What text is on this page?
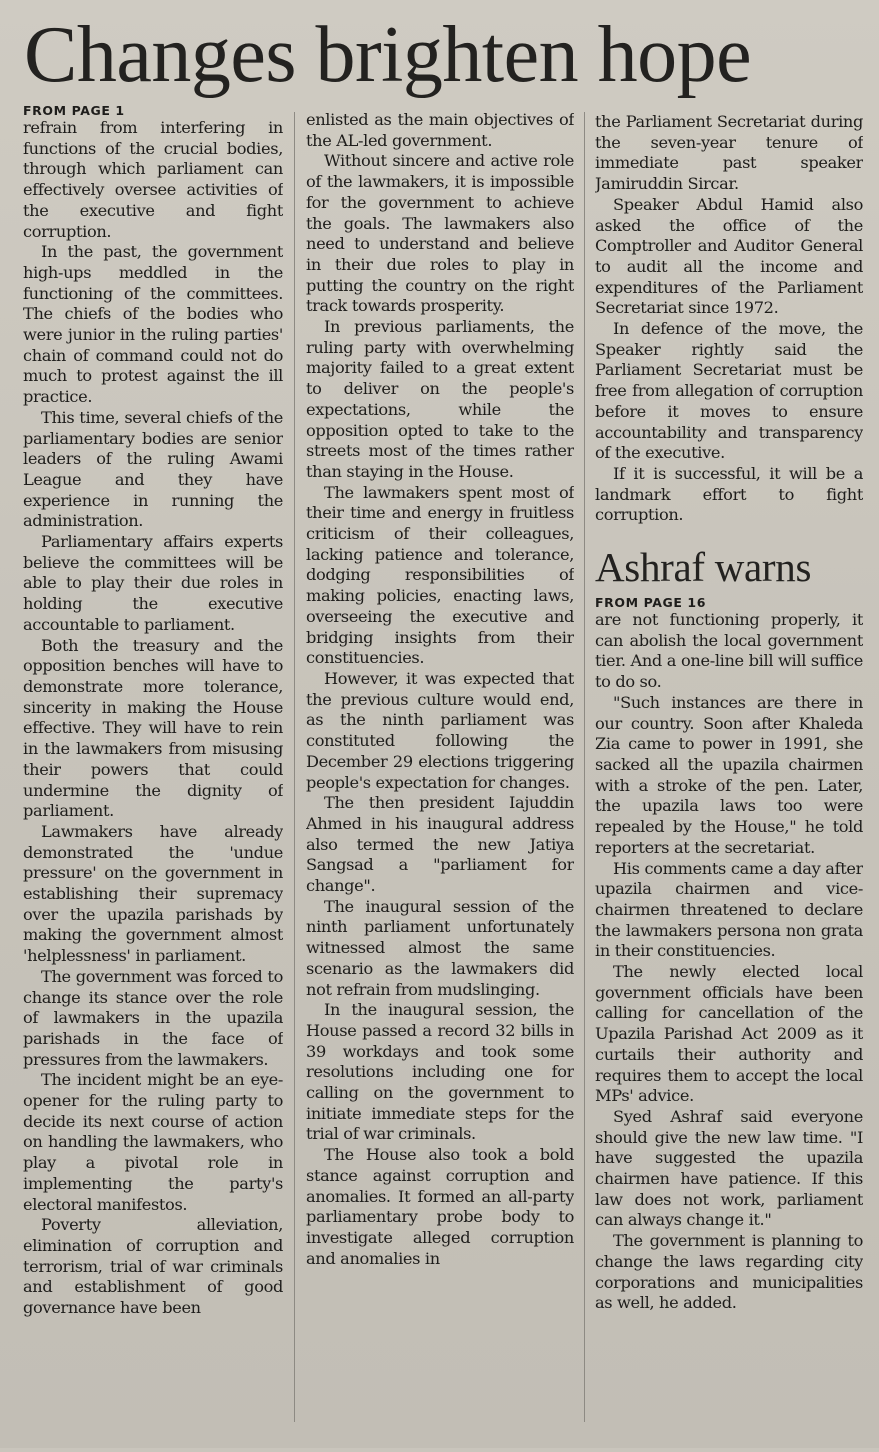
Changes brighten hope
FROM PAGE 1

refrain from interfering in functions of the crucial bodies, through which parliament can effectively oversee activities of the executive and fight corruption.

In the past, the government high-ups meddled in the functioning of the committees. The chiefs of the bodies who were junior in the ruling parties' chain of command could not do much to protest against the ill practice.

This time, several chiefs of the parliamentary bodies are senior leaders of the ruling Awami League and they have experience in running the administration.

Parliamentary affairs experts believe the committees will be able to play their due roles in holding the executive accountable to parliament.

Both the treasury and the opposition benches will have to demonstrate more tolerance, sincerity in making the House effective. They will have to rein in the lawmakers from misusing their powers that could undermine the dignity of parliament.

Lawmakers have already demonstrated the 'undue pressure' on the government in establishing their supremacy over the upazila parishads by making the government almost 'helplessness' in parliament.

The government was forced to change its stance over the role of lawmakers in the upazila parishads in the face of pressures from the lawmakers.

The incident might be an eye-opener for the ruling party to decide its next course of action on handling the lawmakers, who play a pivotal role in implementing the party's electoral manifestos.

Poverty alleviation, elimination of corruption and terrorism, trial of war criminals and establishment of good governance have been

enlisted as the main objectives of the AL-led government.

Without sincere and active role of the lawmakers, it is impossible for the government to achieve the goals. The lawmakers also need to understand and believe in their due roles to play in putting the country on the right track towards prosperity.

In previous parliaments, the ruling party with overwhelming majority failed to a great extent to deliver on the people's expectations, while the opposition opted to take to the streets most of the times rather than staying in the House.

The lawmakers spent most of their time and energy in fruitless criticism of their colleagues, lacking patience and tolerance, dodging responsibilities of making policies, enacting laws, overseeing the executive and bridging insights from their constituencies.

However, it was expected that the previous culture would end, as the ninth parliament was constituted following the December 29 elections triggering people's expectation for changes.

The then president Iajuddin Ahmed in his inaugural address also termed the new Jatiya Sangsad a "parliament for change".

The inaugural session of the ninth parliament unfortunately witnessed almost the same scenario as the lawmakers did not refrain from mudslinging.

In the inaugural session, the House passed a record 32 bills in 39 workdays and took some resolutions including one for calling on the government to initiate immediate steps for the trial of war criminals.

The House also took a bold stance against corruption and anomalies. It formed an all-party parliamentary probe body to investigate alleged corruption and anomalies in

the Parliament Secretariat during the seven-year tenure of immediate past speaker Jamiruddin Sircar.

Speaker Abdul Hamid also asked the office of the Comptroller and Auditor General to audit all the income and expenditures of the Parliament Secretariat since 1972.

In defence of the move, the Speaker rightly said the Parliament Secretariat must be free from allegation of corruption before it moves to ensure accountability and transparency of the executive.

If it is successful, it will be a landmark effort to fight corruption.

Ashraf warns
FROM PAGE 16

are not functioning properly, it can abolish the local government tier. And a one-line bill will suffice to do so.

"Such instances are there in our country. Soon after Khaleda Zia came to power in 1991, she sacked all the upazila chairmen with a stroke of the pen. Later, the upazila laws too were repealed by the House," he told reporters at the secretariat.

His comments came a day after upazila chairmen and vice-chairmen threatened to declare the lawmakers persona non grata in their constituencies.

The newly elected local government officials have been calling for cancellation of the Upazila Parishad Act 2009 as it curtails their authority and requires them to accept the local MPs' advice.

Syed Ashraf said everyone should give the new law time. "I have suggested the upazila chairmen have patience. If this law does not work, parliament can always change it."

The government is planning to change the laws regarding city corporations and municipalities as well, he added.
